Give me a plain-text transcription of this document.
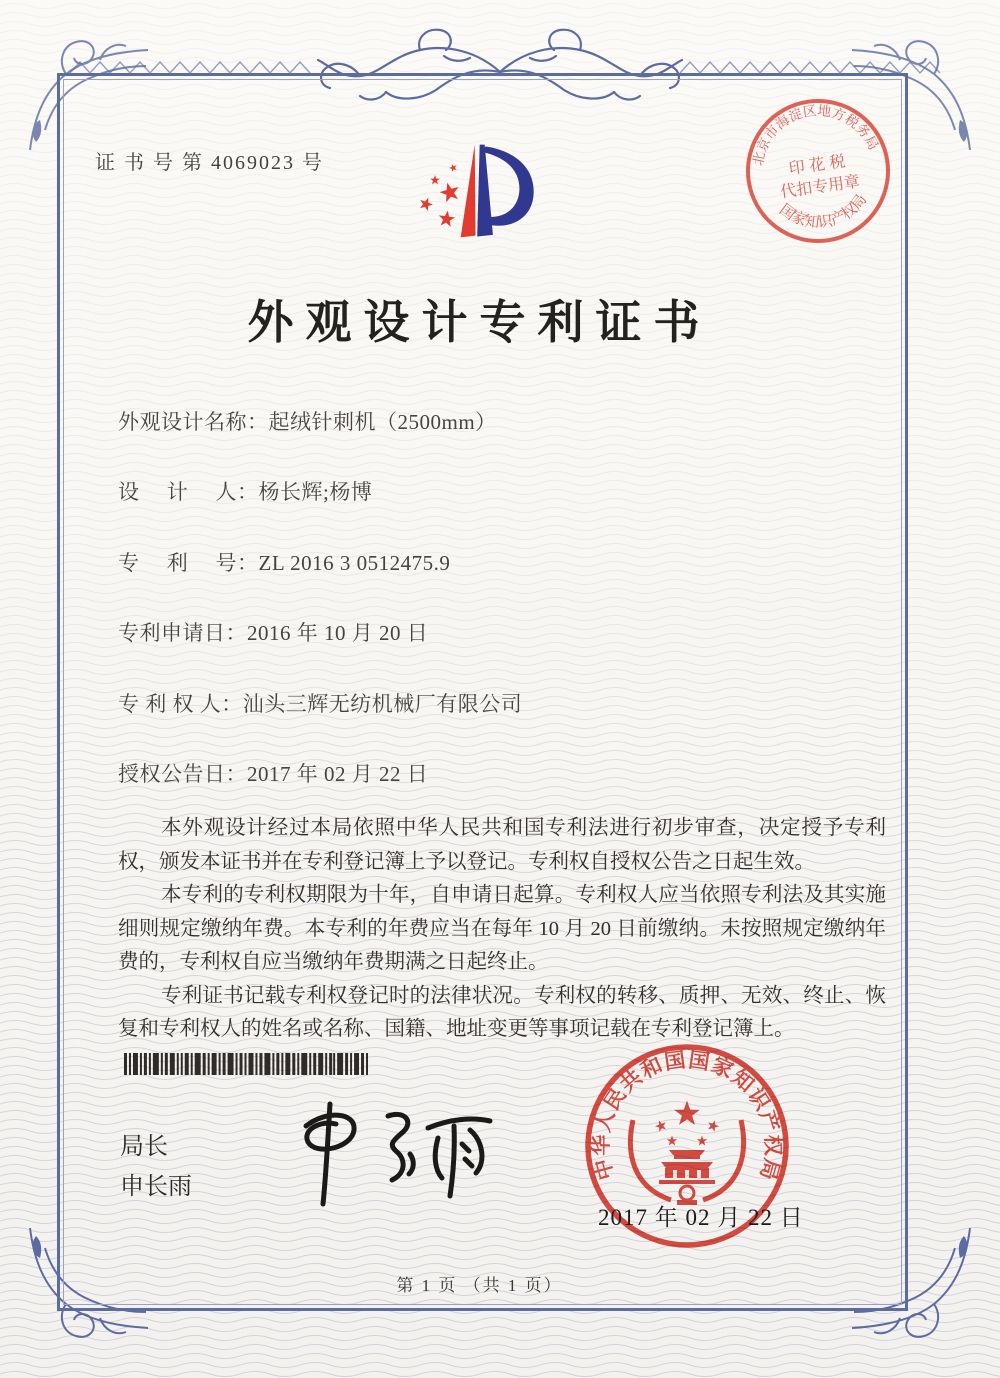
证 书 号 第 4069023 号	北京市海淀区地方税务局
国家知识产权局
印 花 税
代扣专用章
外观设计专利证书
外观设计名称：起绒针刺机（2500mm）
设　 计　 人：杨长辉;杨博
专　 利　 号：ZL 2016 3 0512475.9
专利申请日：2016 年 10 月 20 日
专 利 权 人：汕头三辉无纺机械厂有限公司
授权公告日：2017 年 02 月 22 日

本外观设计经过本局依照中华人民共和国专利法进行初步审查，决定授予专利权，颁发本证书并在专利登记簿上予以登记。专利权自授权公告之日起生效。

本专利的专利权期限为十年，自申请日起算。专利权人应当依照专利法及其实施细则规定缴纳年费。本专利的年费应当在每年 10 月 20 日前缴纳。未按照规定缴纳年费的，专利权自应当缴纳年费期满之日起终止。

专利证书记载专利权登记时的法律状况。专利权的转移、质押、无效、终止、恢复和专利权人的姓名或名称、国籍、地址变更等事项记载在专利登记簿上。

局长
申长雨
中华人民共和国国家知识产权局
2017 年 02 月 22 日
第 1 页 （共 1 页）
